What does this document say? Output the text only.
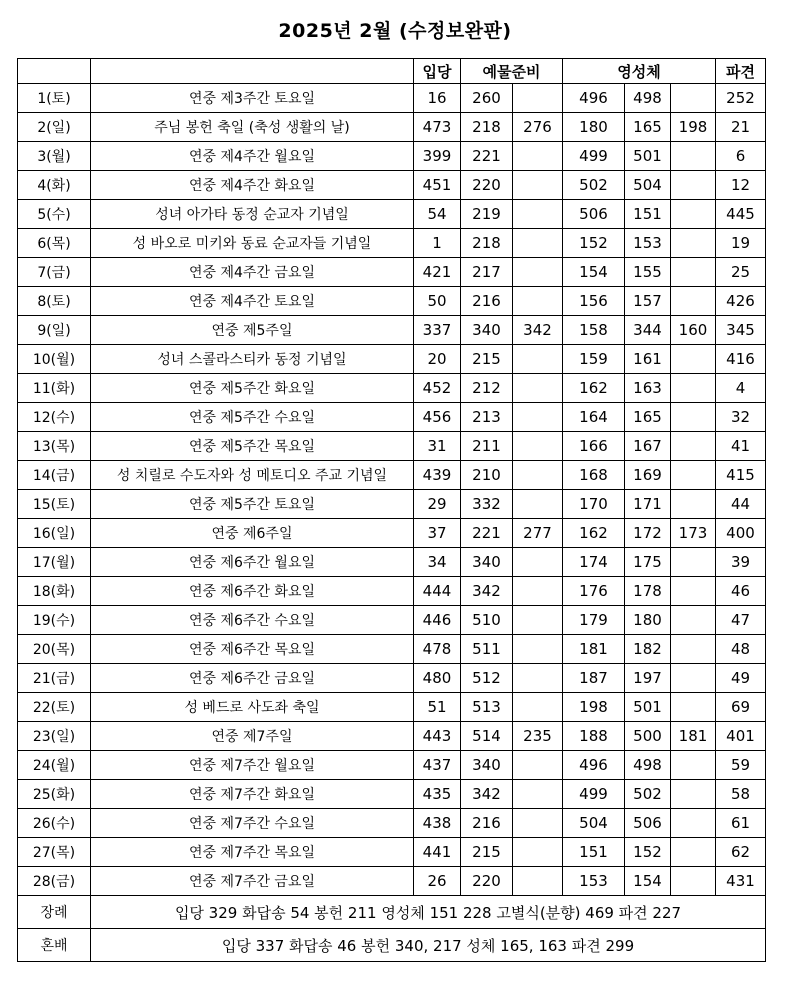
2025년 2월 (수정보완판)
		입당	예물준비		영성체			파견
1(토)	연중 제3주간 토요일	16	260		496	498		252
2(일)	주님 봉헌 축일 (축성 생활의 날)	473	218	276	180	165	198	21
3(월)	연중 제4주간 월요일	399	221		499	501		6
4(화)	연중 제4주간 화요일	451	220		502	504		12
5(수)	성녀 아가타 동정 순교자 기념일	54	219		506	151		445
6(목)	성 바오로 미키와 동료 순교자들 기념일	1	218		152	153		19
7(금)	연중 제4주간 금요일	421	217		154	155		25
8(토)	연중 제4주간 토요일	50	216		156	157		426
9(일)	연중 제5주일	337	340	342	158	344	160	345
10(월)	성녀 스콜라스티카 동정 기념일	20	215		159	161		416
11(화)	연중 제5주간 화요일	452	212		162	163		4
12(수)	연중 제5주간 수요일	456	213		164	165		32
13(목)	연중 제5주간 목요일	31	211		166	167		41
14(금)	성 치릴로 수도자와 성 메토디오 주교 기념일	439	210		168	169		415
15(토)	연중 제5주간 토요일	29	332		170	171		44
16(일)	연중 제6주일	37	221	277	162	172	173	400
17(월)	연중 제6주간 월요일	34	340		174	175		39
18(화)	연중 제6주간 화요일	444	342		176	178		46
19(수)	연중 제6주간 수요일	446	510		179	180		47
20(목)	연중 제6주간 목요일	478	511		181	182		48
21(금)	연중 제6주간 금요일	480	512		187	197		49
22(토)	성 베드로 사도좌 축일	51	513		198	501		69
23(일)	연중 제7주일	443	514	235	188	500	181	401
24(월)	연중 제7주간 월요일	437	340		496	498		59
25(화)	연중 제7주간 화요일	435	342		499	502		58
26(수)	연중 제7주간 수요일	438	216		504	506		61
27(목)	연중 제7주간 목요일	441	215		151	152		62
28(금)	연중 제7주간 금요일	26	220		153	154		431
장례	입당 329 화답송 54 봉헌 211 영성체 151 228 고별식(분향) 469 파견 227							
혼배	입당 337 화답송 46 봉헌 340, 217 성체 165, 163 파견 299							
